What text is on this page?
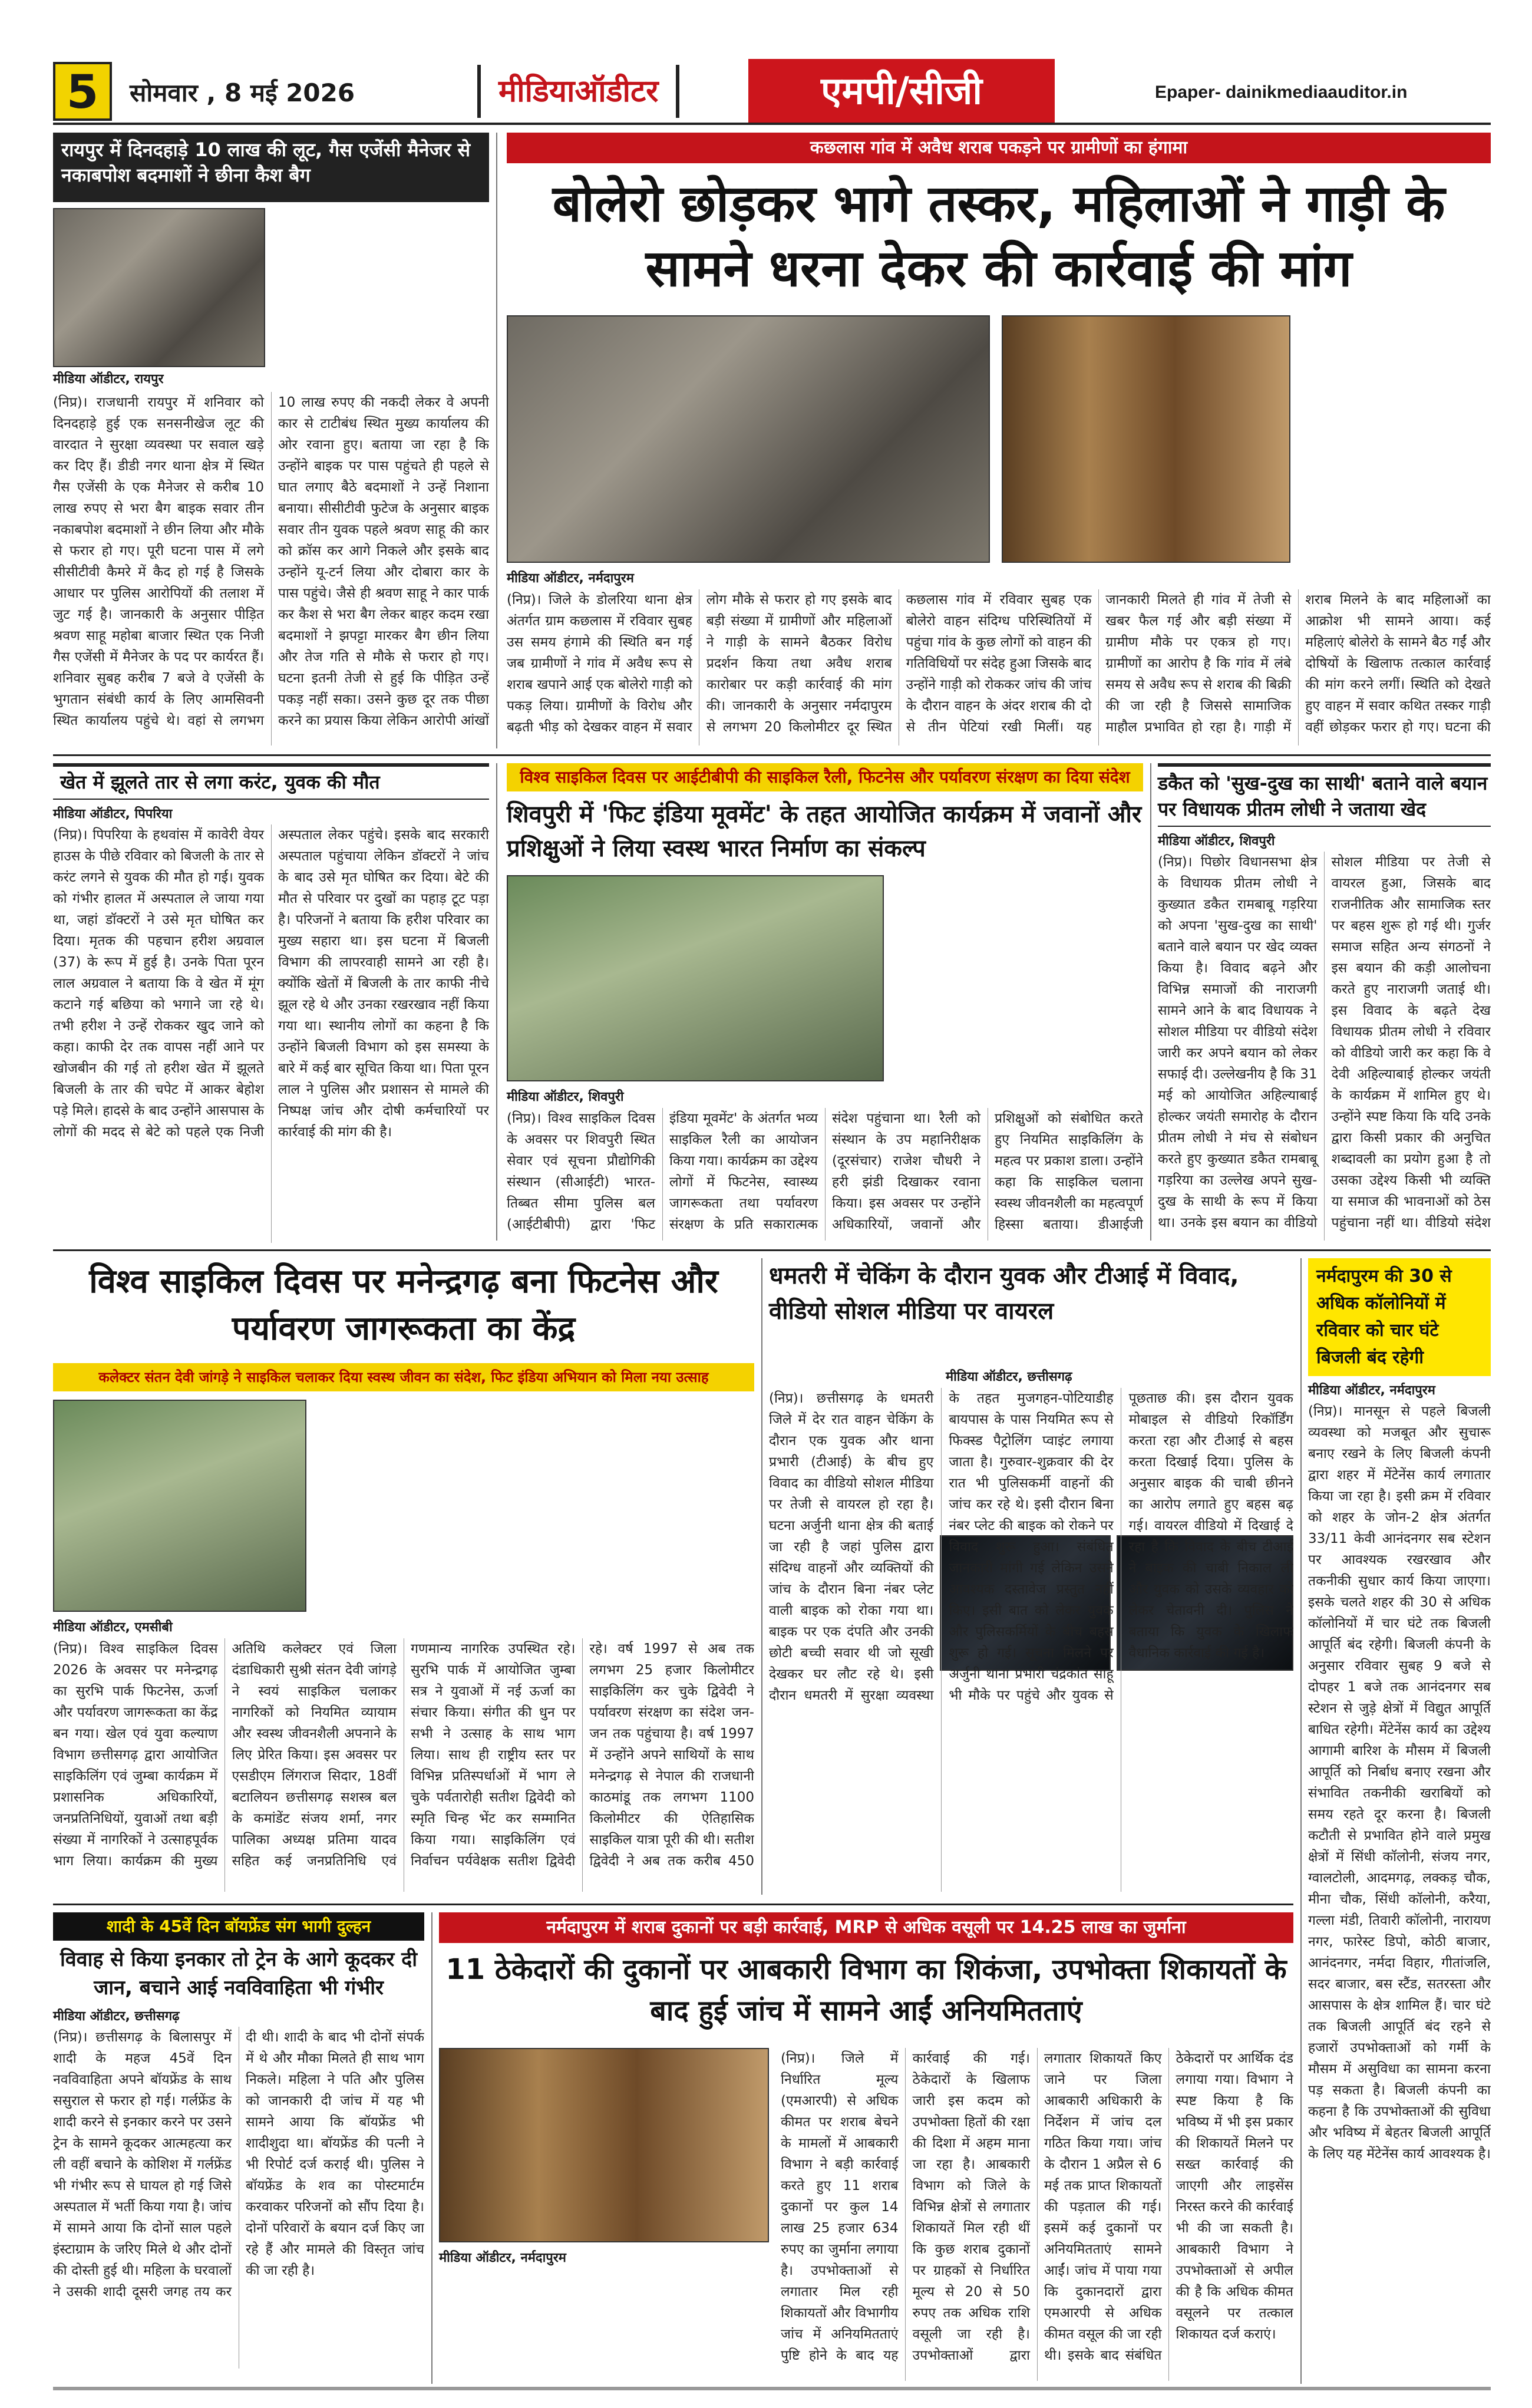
5	सोमवार , 8 मई 2026	मीडियाऑडीटर	एमपी/सीजी	Epaper- dainikmediaauditor.in
रायपुर में दिनदहाड़े 10 लाख की लूट, गैस एजेंसी मैनेजर से नकाबपोश बदमाशों ने छीना कैश बैग
मीडिया ऑडीटर, रायपुर
(निप्र)। राजधानी रायपुर में शनिवार को दिनदहाड़े हुई एक सनसनीखेज लूट की वारदात ने सुरक्षा व्यवस्था पर सवाल खड़े कर दिए हैं। डीडी नगर थाना क्षेत्र में स्थित गैस एजेंसी के एक मैनेजर से करीब 10 लाख रुपए से भरा बैग बाइक सवार तीन नकाबपोश बदमाशों ने छीन लिया और मौके से फरार हो गए। पूरी घटना पास में लगे सीसीटीवी कैमरे में कैद हो गई है जिसके आधार पर पुलिस आरोपियों की तलाश में जुट गई है। जानकारी के अनुसार पीड़ित श्रवण साहू महोबा बाजार स्थित एक निजी गैस एजेंसी में मैनेजर के पद पर कार्यरत हैं। शनिवार सुबह करीब 7 बजे वे एजेंसी के भुगतान संबंधी कार्य के लिए आमसिवनी स्थित कार्यालय पहुंचे थे। वहां से लगभग 10 लाख रुपए की नकदी लेकर वे अपनी कार से टाटीबंध स्थित मुख्य कार्यालय की ओर रवाना हुए। बताया जा रहा है कि उन्होंने बाइक पर पास पहुंचते ही पहले से घात लगाए बैठे बदमाशों ने उन्हें निशाना बनाया। सीसीटीवी फुटेज के अनुसार बाइक सवार तीन युवक पहले श्रवण साहू की कार को क्रॉस कर आगे निकले और इसके बाद उन्होंने यू-टर्न लिया और दोबारा कार के पास पहुंचे। जैसे ही श्रवण साहू ने कार पार्क कर कैश से भरा बैग लेकर बाहर कदम रखा बदमाशों ने झपट्टा मारकर बैग छीन लिया और तेज गति से मौके से फरार हो गए। घटना इतनी तेजी से हुई कि पीड़ित उन्हें पकड़ नहीं सका। उसने कुछ दूर तक पीछा करने का प्रयास किया लेकिन आरोपी आंखों
कछलास गांव में अवैध शराब पकड़ने पर ग्रामीणों का हंगामा
बोलेरो छोड़कर भागे तस्कर, महिलाओं ने गाड़ी के सामने धरना देकर की कार्रवाई की मांग
मीडिया ऑडीटर, नर्मदापुरम
(निप्र)। जिले के डोलरिया थाना क्षेत्र अंतर्गत ग्राम कछलास में रविवार सुबह उस समय हंगामे की स्थिति बन गई जब ग्रामीणों ने गांव में अवैध रूप से शराब खपाने आई एक बोलेरो गाड़ी को पकड़ लिया। ग्रामीणों के विरोध और बढ़ती भीड़ को देखकर वाहन में सवार लोग मौके से फरार हो गए इसके बाद बड़ी संख्या में ग्रामीणों और महिलाओं ने गाड़ी के सामने बैठकर विरोध प्रदर्शन किया तथा अवैध शराब कारोबार पर कड़ी कार्रवाई की मांग की। जानकारी के अनुसार नर्मदापुरम से लगभग 20 किलोमीटर दूर स्थित कछलास गांव में रविवार सुबह एक बोलेरो वाहन संदिग्ध परिस्थितियों में पहुंचा गांव के कुछ लोगों को वाहन की गतिविधियों पर संदेह हुआ जिसके बाद उन्होंने गाड़ी को रोककर जांच की जांच के दौरान वाहन के अंदर शराब की दो से तीन पेटियां रखी मिलीं। यह जानकारी मिलते ही गांव में तेजी से खबर फैल गई और बड़ी संख्या में ग्रामीण मौके पर एकत्र हो गए। ग्रामीणों का आरोप है कि गांव में लंबे समय से अवैध रूप से शराब की बिक्री की जा रही है जिससे सामाजिक माहौल प्रभावित हो रहा है। गाड़ी में शराब मिलने के बाद महिलाओं का आक्रोश भी सामने आया। कई महिलाएं बोलेरो के सामने बैठ गईं और दोषियों के खिलाफ तत्काल कार्रवाई की मांग करने लगीं। स्थिति को देखते हुए वाहन में सवार कथित तस्कर गाड़ी वहीं छोड़कर फरार हो गए। घटना की
खेत में झूलते तार से लगा करंट, युवक की मौत
मीडिया ऑडीटर, पिपरिया
(निप्र)। पिपरिया के हथवांस में कावेरी वेयर हाउस के पीछे रविवार को बिजली के तार से करंट लगने से युवक की मौत हो गई। युवक को गंभीर हालत में अस्पताल ले जाया गया था, जहां डॉक्टरों ने उसे मृत घोषित कर दिया। मृतक की पहचान हरीश अग्रवाल (37) के रूप में हुई है। उनके पिता पूरन लाल अग्रवाल ने बताया कि वे खेत में मूंग कटाने गई बछिया को भगाने जा रहे थे। तभी हरीश ने उन्हें रोककर खुद जाने को कहा। काफी देर तक वापस नहीं आने पर खोजबीन की गई तो हरीश खेत में झूलते बिजली के तार की चपेट में आकर बेहोश पड़े मिले। हादसे के बाद उन्होंने आसपास के लोगों की मदद से बेटे को पहले एक निजी अस्पताल लेकर पहुंचे। इसके बाद सरकारी अस्पताल पहुंचाया लेकिन डॉक्टरों ने जांच के बाद उसे मृत घोषित कर दिया। बेटे की मौत से परिवार पर दुखों का पहाड़ टूट पड़ा है। परिजनों ने बताया कि हरीश परिवार का मुख्य सहारा था। इस घटना में बिजली विभाग की लापरवाही सामने आ रही है। क्योंकि खेतों में बिजली के तार काफी नीचे झूल रहे थे और उनका रखरखाव नहीं किया गया था। स्थानीय लोगों का कहना है कि उन्होंने बिजली विभाग को इस समस्या के बारे में कई बार सूचित किया था। पिता पूरन लाल ने पुलिस और प्रशासन से मामले की निष्पक्ष जांच और दोषी कर्मचारियों पर कार्रवाई की मांग की है।
विश्व साइकिल दिवस पर आईटीबीपी की साइकिल रैली, फिटनेस और पर्यावरण संरक्षण का दिया संदेश
शिवपुरी में 'फिट इंडिया मूवमेंट' के तहत आयोजित कार्यक्रम में जवानों और प्रशिक्षुओं ने लिया स्वस्थ भारत निर्माण का संकल्प
मीडिया ऑडीटर, शिवपुरी
(निप्र)। विश्व साइकिल दिवस के अवसर पर शिवपुरी स्थित सेवार एवं सूचना प्रौद्योगिकी संस्थान (सीआईटी) भारत-तिब्बत सीमा पुलिस बल (आईटीबीपी) द्वारा 'फिट इंडिया मूवमेंट' के अंतर्गत भव्य साइकिल रैली का आयोजन किया गया। कार्यक्रम का उद्देश्य लोगों में फिटनेस, स्वास्थ्य जागरूकता तथा पर्यावरण संरक्षण के प्रति सकारात्मक संदेश पहुंचाना था। रैली को संस्थान के उप महानिरीक्षक (दूरसंचार) राजेश चौधरी ने हरी झंडी दिखाकर रवाना किया। इस अवसर पर उन्होंने अधिकारियों, जवानों और प्रशिक्षुओं को संबोधित करते हुए नियमित साइकिलिंग के महत्व पर प्रकाश डाला। उन्होंने कहा कि साइकिल चलाना स्वस्थ जीवनशैली का महत्वपूर्ण हिस्सा बताया। डीआईजी
डकैत को 'सुख-दुख का साथी' बताने वाले बयान पर विधायक प्रीतम लोधी ने जताया खेद
मीडिया ऑडीटर, शिवपुरी
(निप्र)। पिछोर विधानसभा क्षेत्र के विधायक प्रीतम लोधी ने कुख्यात डकैत रामबाबू गड़रिया को अपना 'सुख-दुख का साथी' बताने वाले बयान पर खेद व्यक्त किया है। विवाद बढ़ने और विभिन्न समाजों की नाराजगी सामने आने के बाद विधायक ने सोशल मीडिया पर वीडियो संदेश जारी कर अपने बयान को लेकर सफाई दी। उल्लेखनीय है कि 31 मई को आयोजित अहिल्याबाई होल्कर जयंती समारोह के दौरान प्रीतम लोधी ने मंच से संबोधन करते हुए कुख्यात डकैत रामबाबू गड़रिया का उल्लेख अपने सुख-दुख के साथी के रूप में किया था। उनके इस बयान का वीडियो सोशल मीडिया पर तेजी से वायरल हुआ, जिसके बाद राजनीतिक और सामाजिक स्तर पर बहस शुरू हो गई थी। गुर्जर समाज सहित अन्य संगठनों ने इस बयान की कड़ी आलोचना करते हुए नाराजगी जताई थी। इस विवाद के बढ़ते देख विधायक प्रीतम लोधी ने रविवार को वीडियो जारी कर कहा कि वे देवी अहिल्याबाई होल्कर जयंती के कार्यक्रम में शामिल हुए थे। उन्होंने स्पष्ट किया कि यदि उनके द्वारा किसी प्रकार की अनुचित शब्दावली का प्रयोग हुआ है तो उसका उद्देश्य किसी भी व्यक्ति या समाज की भावनाओं को ठेस पहुंचाना नहीं था। वीडियो संदेश
विश्व साइकिल दिवस पर मनेन्द्रगढ़ बना फिटनेस और पर्यावरण जागरूकता का केंद्र
कलेक्टर संतन देवी जांगड़े ने साइकिल चलाकर दिया स्वस्थ जीवन का संदेश, फिट इंडिया अभियान को मिला नया उत्साह
मीडिया ऑडीटर, एमसीबी
(निप्र)। विश्व साइकिल दिवस 2026 के अवसर पर मनेन्द्रगढ़ का सुरभि पार्क फिटनेस, ऊर्जा और पर्यावरण जागरूकता का केंद्र बन गया। खेल एवं युवा कल्याण विभाग छत्तीसगढ़ द्वारा आयोजित साइकिलिंग एवं जुम्बा कार्यक्रम में प्रशासनिक अधिकारियों, जनप्रतिनिधियों, युवाओं तथा बड़ी संख्या में नागरिकों ने उत्साहपूर्वक भाग लिया। कार्यक्रम की मुख्य अतिथि कलेक्टर एवं जिला दंडाधिकारी सुश्री संतन देवी जांगड़े ने स्वयं साइकिल चलाकर नागरिकों को नियमित व्यायाम और स्वस्थ जीवनशैली अपनाने के लिए प्रेरित किया। इस अवसर पर एसडीएम लिंगराज सिदार, 18वीं बटालियन छत्तीसगढ़ सशस्त्र बल के कमांडेंट संजय शर्मा, नगर पालिका अध्यक्ष प्रतिमा यादव सहित कई जनप्रतिनिधि एवं गणमान्य नागरिक उपस्थित रहे। सुरभि पार्क में आयोजित जुम्बा सत्र ने युवाओं में नई ऊर्जा का संचार किया। संगीत की धुन पर सभी ने उत्साह के साथ भाग लिया। साथ ही राष्ट्रीय स्तर पर विभिन्न प्रतिस्पर्धाओं में भाग ले चुके पर्वतारोही सतीश द्विवेदी को स्मृति चिन्ह भेंट कर सम्मानित किया गया। साइकिलिंग एवं निर्वाचन पर्यवेक्षक सतीश द्विवेदी रहे। वर्ष 1997 से अब तक लगभग 25 हजार किलोमीटर साइकिलिंग कर चुके द्विवेदी ने पर्यावरण संरक्षण का संदेश जन-जन तक पहुंचाया है। वर्ष 1997 में उन्होंने अपने साथियों के साथ मनेन्द्रगढ़ से नेपाल की राजधानी काठमांडू तक लगभग 1100 किलोमीटर की ऐतिहासिक साइकिल यात्रा पूरी की थी। सतीश द्विवेदी ने अब तक करीब 450
धमतरी में चेकिंग के दौरान युवक और टीआई में विवाद, वीडियो सोशल मीडिया पर वायरल
मीडिया ऑडीटर, छत्तीसगढ़
(निप्र)। छत्तीसगढ़ के धमतरी जिले में देर रात वाहन चेकिंग के दौरान एक युवक और थाना प्रभारी (टीआई) के बीच हुए विवाद का वीडियो सोशल मीडिया पर तेजी से वायरल हो रहा है। घटना अर्जुनी थाना क्षेत्र की बताई जा रही है जहां पुलिस द्वारा संदिग्ध वाहनों और व्यक्तियों की जांच के दौरान बिना नंबर प्लेट वाली बाइक को रोका गया था। बाइक पर एक दंपति और उनकी छोटी बच्ची सवार थी जो सूखी देखकर घर लौट रहे थे। इसी दौरान धमतरी में सुरक्षा व्यवस्था के तहत मुजगहन-पोटियाडीह बायपास के पास नियमित रूप से फिक्स्ड पैट्रोलिंग प्वाइंट लगाया जाता है। गुरुवार-शुक्रवार की देर रात भी पुलिसकर्मी वाहनों की जांच कर रहे थे। इसी दौरान बिना नंबर प्लेट की बाइक को रोकने पर विवाद शुरू हुआ। संबंधित जानकारी मांगी गई लेकिन उसने आवश्यक दस्तावेज प्रस्तुत नहीं किए। इसी बात को लेकर युवक और पुलिसकर्मियों के बीच बहस शुरू हो गई। सूचना मिलने पर अर्जुनी थाना प्रभारी चंद्रकांत साहू भी मौके पर पहुंचे और युवक से पूछताछ की। इस दौरान युवक मोबाइल से वीडियो रिकॉर्डिंग करता रहा और टीआई से बहस करता दिखाई दिया। पुलिस के अनुसार बाइक की चाबी छीनने का आरोप लगाते हुए बहस बढ़ गई। वायरल वीडियो में दिखाई दे रहा है कि विवाद के बीच टीआई ने बाइक की चाबी निकाल ली और युवक को उसके व्यवहार को लेकर चेतावनी दी। पुलिस ने बताया कि युवक के खिलाफ वैधानिक कार्रवाई की गई है।
नर्मदापुरम की 30 से अधिक कॉलोनियों में रविवार को चार घंटे बिजली बंद रहेगी
मीडिया ऑडीटर, नर्मदापुरम
(निप्र)। मानसून से पहले बिजली व्यवस्था को मजबूत और सुचारू बनाए रखने के लिए बिजली कंपनी द्वारा शहर में मेंटेनेंस कार्य लगातार किया जा रहा है। इसी क्रम में रविवार को शहर के जोन-2 क्षेत्र अंतर्गत 33/11 केवी आनंदनगर सब स्टेशन पर आवश्यक रखरखाव और तकनीकी सुधार कार्य किया जाएगा। इसके चलते शहर की 30 से अधिक कॉलोनियों में चार घंटे तक बिजली आपूर्ति बंद रहेगी। बिजली कंपनी के अनुसार रविवार सुबह 9 बजे से दोपहर 1 बजे तक आनंदनगर सब स्टेशन से जुड़े क्षेत्रों में विद्युत आपूर्ति बाधित रहेगी। मेंटेनेंस कार्य का उद्देश्य आगामी बारिश के मौसम में बिजली आपूर्ति को निर्बाध बनाए रखना और संभावित तकनीकी खराबियों को समय रहते दूर करना है। बिजली कटौती से प्रभावित होने वाले प्रमुख क्षेत्रों में सिंधी कॉलोनी, संजय नगर, ग्वालटोली, आदमगढ़, लक्कड़ चौक, मीना चौक, सिंधी कॉलोनी, करैया, गल्ला मंडी, तिवारी कॉलोनी, नारायण नगर, फारेस्ट डिपो, कोठी बाजार, आनंदनगर, नर्मदा विहार, गीतांजलि, सदर बाजार, बस स्टैंड, सतरस्ता और आसपास के क्षेत्र शामिल हैं। चार घंटे तक बिजली आपूर्ति बंद रहने से हजारों उपभोक्ताओं को गर्मी के मौसम में असुविधा का सामना करना पड़ सकता है। बिजली कंपनी का कहना है कि उपभोक्ताओं की सुविधा और भविष्य में बेहतर बिजली आपूर्ति के लिए यह मेंटेनेंस कार्य आवश्यक है।
शादी के 45वें दिन बॉयफ्रेंड संग भागी दुल्हन
विवाह से किया इनकार तो ट्रेन के आगे कूदकर दी जान, बचाने आई नवविवाहिता भी गंभीर
मीडिया ऑडीटर, छत्तीसगढ़
(निप्र)। छत्तीसगढ़ के बिलासपुर में शादी के महज 45वें दिन नवविवाहिता अपने बॉयफ्रेंड के साथ ससुराल से फरार हो गई। गर्लफ्रेंड के शादी करने से इनकार करने पर उसने ट्रेन के सामने कूदकर आत्महत्या कर ली वहीं बचाने के कोशिश में गर्लफ्रेंड भी गंभीर रूप से घायल हो गई जिसे अस्पताल में भर्ती किया गया है। जांच में सामने आया कि दोनों साल पहले इंस्टाग्राम के जरिए मिले थे और दोनों की दोस्ती हुई थी। महिला के घरवालों ने उसकी शादी दूसरी जगह तय कर दी थी। शादी के बाद भी दोनों संपर्क में थे और मौका मिलते ही साथ भाग निकले। महिला ने पति और पुलिस को जानकारी दी जांच में यह भी सामने आया कि बॉयफ्रेंड भी शादीशुदा था। बॉयफ्रेंड की पत्नी ने भी रिपोर्ट दर्ज कराई थी। पुलिस ने बॉयफ्रेंड के शव का पोस्टमार्टम करवाकर परिजनों को सौंप दिया है। दोनों परिवारों के बयान दर्ज किए जा रहे हैं और मामले की विस्तृत जांच की जा रही है।
नर्मदापुरम में शराब दुकानों पर बड़ी कार्रवाई, MRP से अधिक वसूली पर 14.25 लाख का जुर्माना
11 ठेकेदारों की दुकानों पर आबकारी विभाग का शिकंजा, उपभोक्ता शिकायतों के बाद हुई जांच में सामने आईं अनियमितताएं
मीडिया ऑडीटर, नर्मदापुरम
(निप्र)। जिले में निर्धारित मूल्य (एमआरपी) से अधिक कीमत पर शराब बेचने के मामलों में आबकारी विभाग ने बड़ी कार्रवाई करते हुए 11 शराब दुकानों पर कुल 14 लाख 25 हजार 634 रुपए का जुर्माना लगाया है। उपभोक्ताओं से लगातार मिल रही शिकायतों और विभागीय जांच में अनियमितताएं पुष्टि होने के बाद यह कार्रवाई की गई। ठेकेदारों के खिलाफ जारी इस कदम को उपभोक्ता हितों की रक्षा की दिशा में अहम माना जा रहा है। आबकारी विभाग को जिले के विभिन्न क्षेत्रों से लगातार शिकायतें मिल रही थीं कि कुछ शराब दुकानों पर ग्राहकों से निर्धारित मूल्य से 20 से 50 रुपए तक अधिक राशि वसूली जा रही है। उपभोक्ताओं द्वारा लगातार शिकायतें किए जाने पर जिला आबकारी अधिकारी के निर्देशन में जांच दल गठित किया गया। जांच के दौरान 1 अप्रैल से 6 मई तक प्राप्त शिकायतों की पड़ताल की गई। इसमें कई दुकानों पर अनियमितताएं सामने आईं। जांच में पाया गया कि दुकानदारों द्वारा एमआरपी से अधिक कीमत वसूल की जा रही थी। इसके बाद संबंधित ठेकेदारों पर आर्थिक दंड लगाया गया। विभाग ने स्पष्ट किया है कि भविष्य में भी इस प्रकार की शिकायतें मिलने पर सख्त कार्रवाई की जाएगी और लाइसेंस निरस्त करने की कार्रवाई भी की जा सकती है। आबकारी विभाग ने उपभोक्ताओं से अपील की है कि अधिक कीमत वसूलने पर तत्काल शिकायत दर्ज कराएं।
